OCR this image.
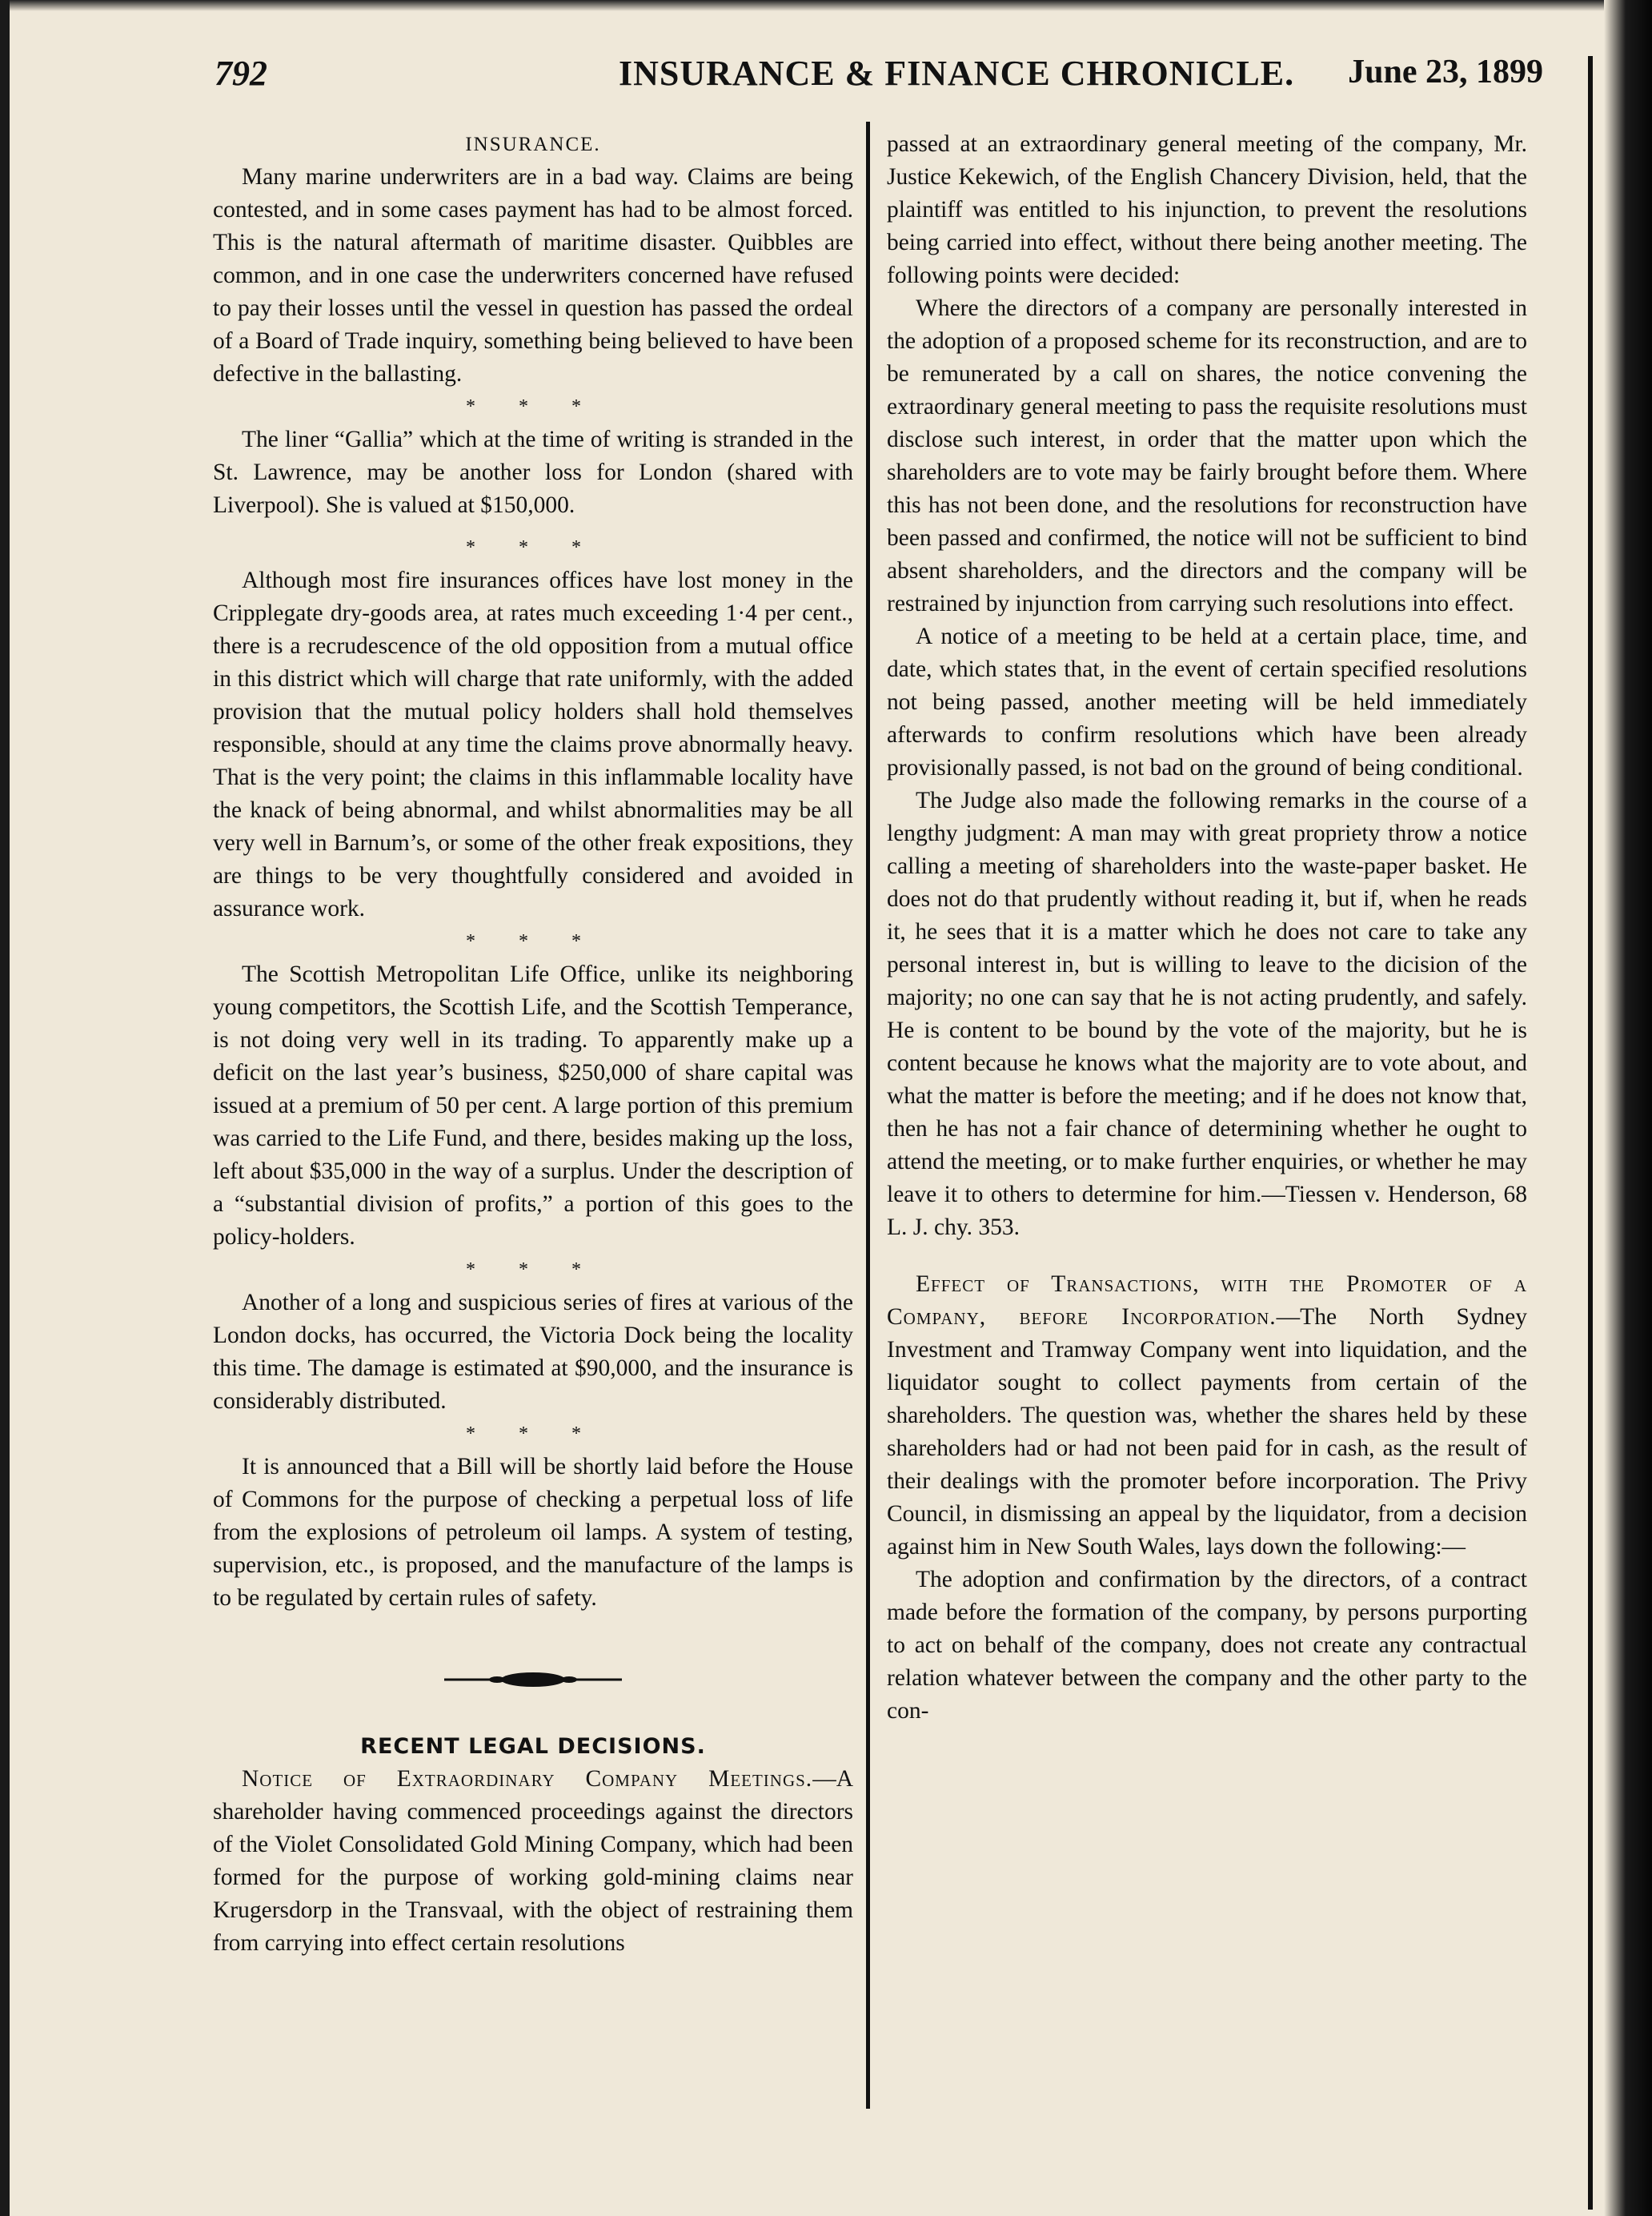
792	INSURANCE & FINANCE CHRONICLE. June 23, 1899

INSURANCE.

Many marine underwriters are in a bad way. Claims are being contested, and in some cases payment has had to be almost forced. This is the natural aftermath of maritime disaster. Quibbles are common, and in one case the underwriters concerned have refused to pay their losses until the vessel in question has passed the ordeal of a Board of Trade inquiry, something being believed to have been defective in the ballasting.

* * *

The liner “Gallia” which at the time of writing is stranded in the St. Lawrence, may be another loss for London (shared with Liverpool). She is valued at $150,000.

* * *

Although most fire insurances offices have lost money in the Cripplegate dry-goods area, at rates much exceeding 1·4 per cent., there is a recrudescence of the old opposition from a mutual office in this district which will charge that rate uniformly, with the added provision that the mutual policy holders shall hold themselves responsible, should at any time the claims prove abnormally heavy. That is the very point; the claims in this inflammable locality have the knack of being abnormal, and whilst abnormalities may be all very well in Barnum’s, or some of the other freak expositions, they are things to be very thoughtfully considered and avoided in assurance work.

* * *

The Scottish Metropolitan Life Office, unlike its neighboring young competitors, the Scottish Life, and the Scottish Temperance, is not doing very well in its trading. To apparently make up a deficit on the last year’s business, $250,000 of share capital was issued at a premium of 50 per cent. A large portion of this premium was carried to the Life Fund, and there, besides making up the loss, left about $35,000 in the way of a surplus. Under the description of a “substantial division of profits,” a portion of this goes to the policy-holders.

* * *

Another of a long and suspicious series of fires at various of the London docks, has occurred, the Victoria Dock being the locality this time. The damage is estimated at $90,000, and the insurance is considerably distributed.

* * *

It is announced that a Bill will be shortly laid before the House of Commons for the purpose of checking a perpetual loss of life from the explosions of petroleum oil lamps. A system of testing, supervision, etc., is proposed, and the manufacture of the lamps is to be regulated by certain rules of safety.

RECENT LEGAL DECISIONS.

Notice of Extraordinary Company Meetings.—A shareholder having commenced proceedings against the directors of the Violet Consolidated Gold Mining Company, which had been formed for the purpose of working gold-mining claims near Krugersdorp in the Transvaal, with the object of restraining them from carrying into effect certain resolutions

passed at an extraordinary general meeting of the company, Mr. Justice Kekewich, of the English Chancery Division, held, that the plaintiff was entitled to his injunction, to prevent the resolutions being carried into effect, without there being another meeting. The following points were decided:

Where the directors of a company are personally interested in the adoption of a proposed scheme for its reconstruction, and are to be remunerated by a call on shares, the notice convening the extraordinary general meeting to pass the requisite resolutions must disclose such interest, in order that the matter upon which the shareholders are to vote may be fairly brought before them. Where this has not been done, and the resolutions for reconstruction have been passed and confirmed, the notice will not be sufficient to bind absent shareholders, and the directors and the company will be restrained by injunction from carrying such resolutions into effect.

A notice of a meeting to be held at a certain place, time, and date, which states that, in the event of certain specified resolutions not being passed, another meeting will be held immediately afterwards to confirm resolutions which have been already provisionally passed, is not bad on the ground of being conditional.

The Judge also made the following remarks in the course of a lengthy judgment: A man may with great propriety throw a notice calling a meeting of shareholders into the waste-paper basket. He does not do that prudently without reading it, but if, when he reads it, he sees that it is a matter which he does not care to take any personal interest in, but is willing to leave to the dicision of the majority; no one can say that he is not acting prudently, and safely. He is content to be bound by the vote of the majority, but he is content because he knows what the majority are to vote about, and what the matter is before the meeting; and if he does not know that, then he has not a fair chance of determining whether he ought to attend the meeting, or to make further enquiries, or whether he may leave it to others to determine for him.—Tiessen v. Henderson, 68 L. J. chy. 353.

Effect of Transactions, with the Promoter of a Company, before Incorporation.—The North Sydney Investment and Tramway Company went into liquidation, and the liquidator sought to collect payments from certain of the shareholders. The question was, whether the shares held by these shareholders had or had not been paid for in cash, as the result of their dealings with the promoter before incorporation. The Privy Council, in dismissing an appeal by the liquidator, from a decision against him in New South Wales, lays down the following:—

The adoption and confirmation by the directors, of a contract made before the formation of the company, by persons purporting to act on behalf of the company, does not create any contractual relation whatever between the company and the other party to the con-
